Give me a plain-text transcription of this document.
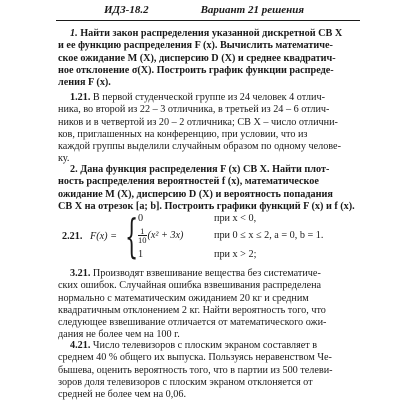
ИДЗ-18.2	Вариант 21 решения
1. Найти закон распределения указанной дискретной СВ X
и ее функцию распределения F (x). Вычислить математиче-
ское ожидание M (X), дисперсию D (X) и среднее квадратич-
ное отклонение σ(X). Построить график функции распреде-
ления F (x).
1.21. В первой студенческой группе из 24 человек 4 отлич-
ника, во второй из 22 – 3 отличника, в третьей из 24 – 6 отлич-
ников и в четвертой из 20 – 2 отличника; СВ X – число отлични-
ков, приглашенных на конференцию, при условии, что из
каждой группы выделили случайным образом по одному челове-
ку.
2. Дана функция распределения F (x) СВ X. Найти плот-
ность распределения вероятностей f (x), математическое
ожидание M (X), дисперсию D (X) и вероятность попадания
СВ X на отрезок [a; b]. Построить графики функций F (x) и f (x).
2.21. F(x) = { 0	при x < 0,
$\frac{1}{10} (x^2 + 3x)$	при 0 ≤ x ≤ 2, a = 0, b = 1.
1	при x > 2;
3.21. Производят взвешивание вещества без систематиче-
ских ошибок. Случайная ошибка взвешивания распределена
нормально с математическим ожиданием 20 кг и средним
квадратичным отклонением 2 кг. Найти вероятность того, что
следующее взвешивание отличается от математического ожи-
дания не более чем на 100 г.
4.21. Число телевизоров с плоским экраном составляет в
среднем 40 % общего их выпуска. Пользуясь неравенством Че-
бышева, оценить вероятность того, что в партии из 500 телеви-
зоров доля телевизоров с плоским экраном отклоняется от
средней не более чем на 0,06.
